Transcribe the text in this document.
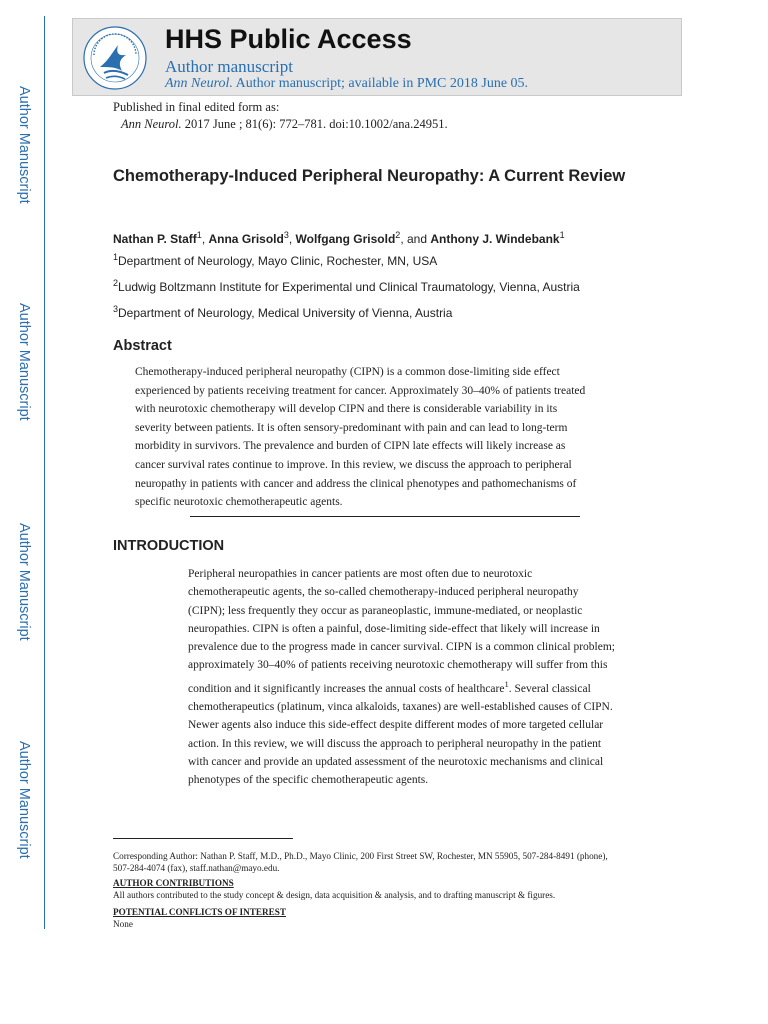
Author Manuscript
Author Manuscript
Author Manuscript
Author Manuscript
HHS Public Access
Author manuscript
Ann Neurol. Author manuscript; available in PMC 2018 June 05.
Published in final edited form as:
Ann Neurol. 2017 June ; 81(6): 772–781. doi:10.1002/ana.24951.
Chemotherapy-Induced Peripheral Neuropathy: A Current Review
Nathan P. Staff$^1$, Anna Grisold$^3$, Wolfgang Grisold$^2$, and Anthony J. Windebank$^1$
$^1$Department of Neurology, Mayo Clinic, Rochester, MN, USA
$^2$Ludwig Boltzmann Institute for Experimental und Clinical Traumatology, Vienna, Austria
$^3$Department of Neurology, Medical University of Vienna, Austria
Abstract
Chemotherapy-induced peripheral neuropathy (CIPN) is a common dose-limiting side effect
experienced by patients receiving treatment for cancer. Approximately 30–40% of patients treated
with neurotoxic chemotherapy will develop CIPN and there is considerable variability in its
severity between patients. It is often sensory-predominant with pain and can lead to long-term
morbidity in survivors. The prevalence and burden of CIPN late effects will likely increase as
cancer survival rates continue to improve. In this review, we discuss the approach to peripheral
neuropathy in patients with cancer and address the clinical phenotypes and pathomechanisms of
specific neurotoxic chemotherapeutic agents.
INTRODUCTION
Peripheral neuropathies in cancer patients are most often due to neurotoxic
chemotherapeutic agents, the so-called chemotherapy-induced peripheral neuropathy
(CIPN); less frequently they occur as paraneoplastic, immune-mediated, or neoplastic
neuropathies. CIPN is often a painful, dose-limiting side-effect that likely will increase in
prevalence due to the progress made in cancer survival. CIPN is a common clinical problem;
approximately 30–40% of patients receiving neurotoxic chemotherapy will suffer from this
condition and it significantly increases the annual costs of healthcare$^1$. Several classical
chemotherapeutics (platinum, vinca alkaloids, taxanes) are well-established causes of CIPN.
Newer agents also induce this side-effect despite different modes of more targeted cellular
action. In this review, we will discuss the approach to peripheral neuropathy in the patient
with cancer and provide an updated assessment of the neurotoxic mechanisms and clinical
phenotypes of the specific chemotherapeutic agents.
Corresponding Author: Nathan P. Staff, M.D., Ph.D., Mayo Clinic, 200 First Street SW, Rochester, MN 55905, 507-284-8491 (phone),
507-284-4074 (fax), staff.nathan@mayo.edu.
AUTHOR CONTRIBUTIONS
All authors contributed to the study concept & design, data acquisition & analysis, and to drafting manuscript & figures.
POTENTIAL CONFLICTS OF INTEREST
None
